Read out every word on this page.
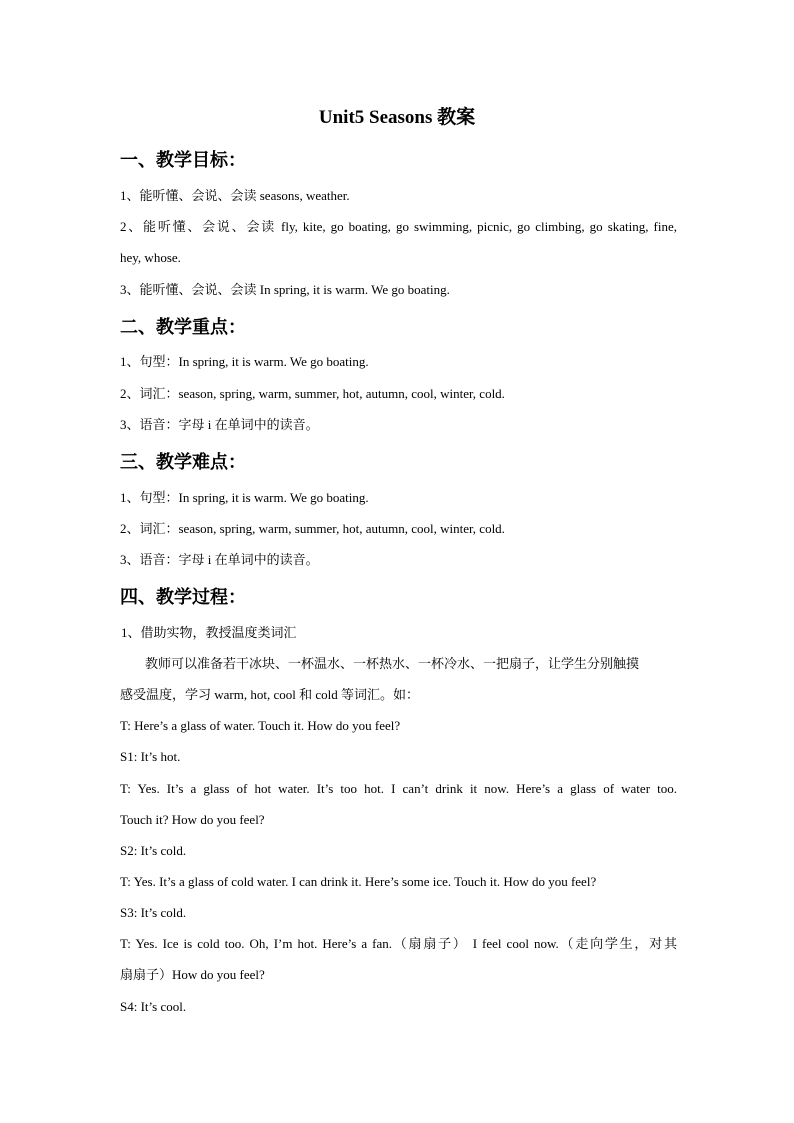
Unit5 Seasons 教案
一、教学目标：
1、能听懂、会说、会读 seasons, weather.
2、能听懂、会说、会读 fly, kite, go boating, go swimming, picnic, go climbing, go skating, fine,
hey, whose.
3、能听懂、会说、会读 In spring, it is warm. We go boating.
二、教学重点：
1、句型：In spring, it is warm. We go boating.
2、词汇：season, spring, warm, summer, hot, autumn, cool, winter, cold.
3、语音：字母 i 在单词中的读音。
三、教学难点：
1、句型：In spring, it is warm. We go boating.
2、词汇：season, spring, warm, summer, hot, autumn, cool, winter, cold.
3、语音：字母 i 在单词中的读音。
四、教学过程：
1、借助实物，教授温度类词汇
教师可以准备若干冰块、一杯温水、一杯热水、一杯冷水、一把扇子，让学生分别触摸
感受温度，学习 warm, hot, cool 和 cold 等词汇。如：
T: Here’s a glass of water. Touch it. How do you feel?
S1: It’s hot.
T: Yes. It’s a glass of hot water. It’s too hot. I can’t drink it now. Here’s a glass of water too.
Touch it? How do you feel?
S2: It’s cold.
T: Yes. It’s a glass of cold water. I can drink it. Here’s some ice. Touch it. How do you feel?
S3: It’s cold.
T: Yes. Ice is cold too. Oh, I’m hot. Here’s a fan.（扇扇子） I feel cool now.（走向学生，对其
扇扇子）How do you feel?
S4: It’s cool.
